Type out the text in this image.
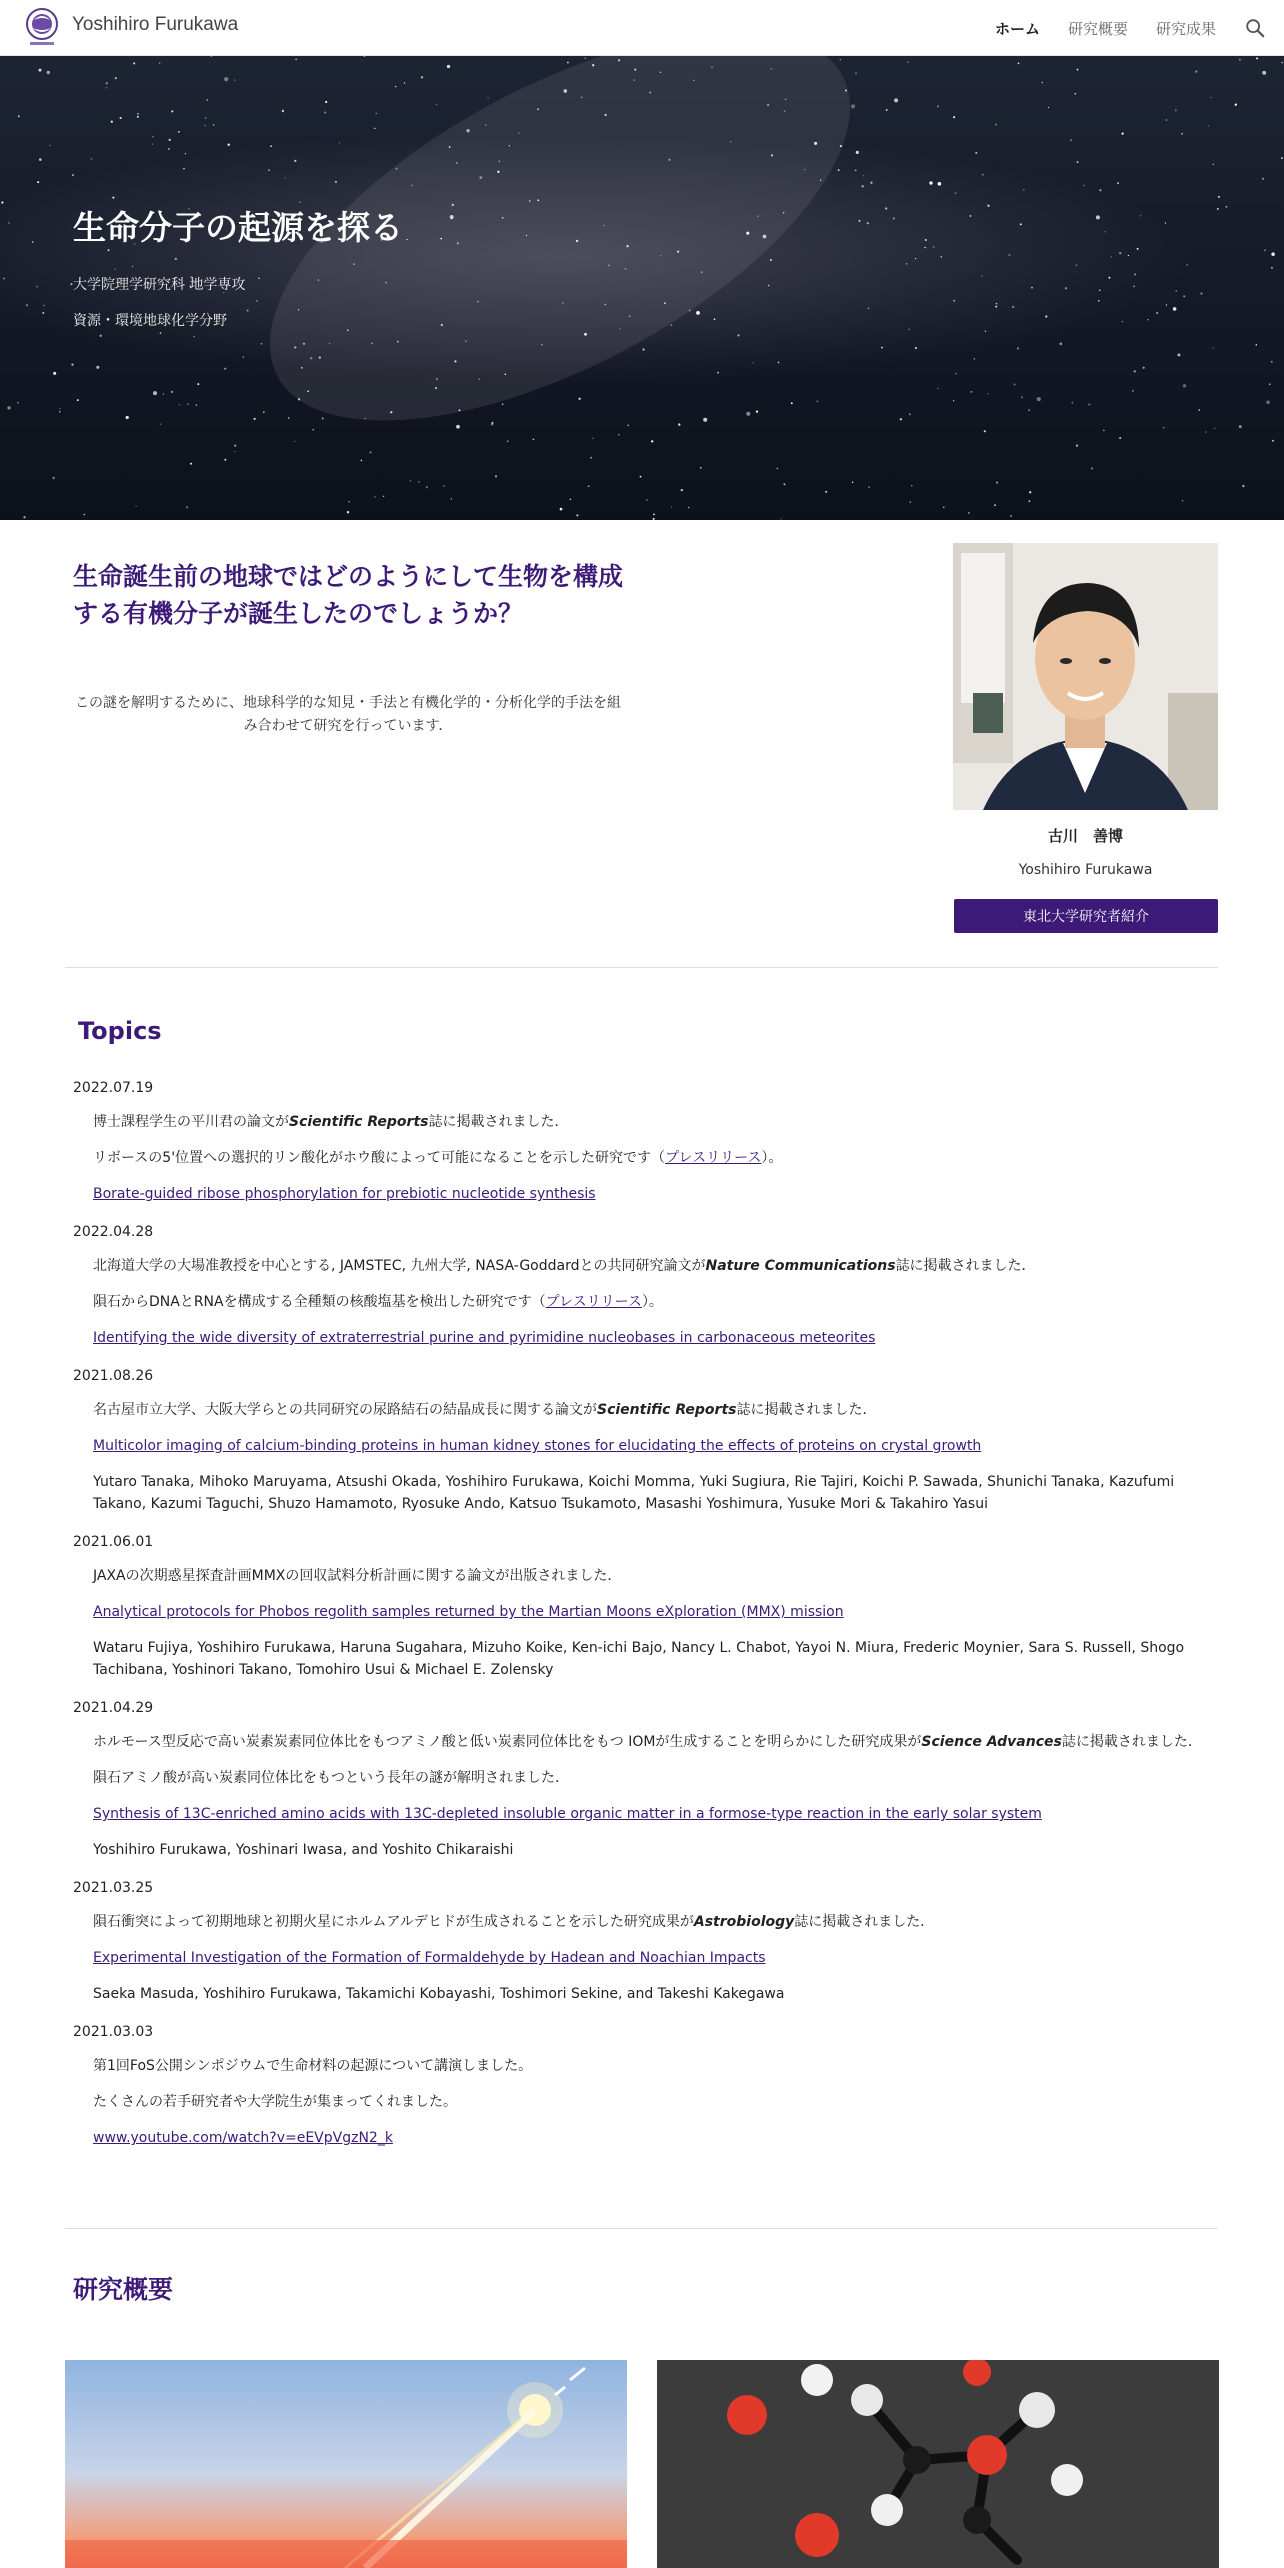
Yoshihiro Furukawa	ホーム 研究概要 研究成果
生命分子の起源を探る
大学院理学研究科 地学専攻
資源・環境地球化学分野
生命誕生前の地球ではどのようにして生物を構成する有機分子が誕生したのでしょうか？
この謎を解明するために、地球科学的な知見・手法と有機化学的・分析化学的手法を組み合わせて研究を行っています．
古川　善博
Yoshihiro Furukawa
東北大学研究者紹介
Topics
2022.07.19
博士課程学生の平川君の論文がScientific Reports誌に掲載されました．
リボースの5'位置への選択的リン酸化がホウ酸によって可能になることを示した研究です（プレスリリース）。
Borate-guided ribose phosphorylation for prebiotic nucleotide synthesis
2022.04.28
北海道大学の大場准教授を中心とする, JAMSTEC, 九州大学, NASA-Goddardとの共同研究論文がNature Communications誌に掲載されました．
隕石からDNAとRNAを構成する全種類の核酸塩基を検出した研究です（プレスリリース）。
Identifying the wide diversity of extraterrestrial purine and pyrimidine nucleobases in carbonaceous meteorites
2021.08.26
名古屋市立大学、大阪大学らとの共同研究の尿路結石の結晶成長に関する論文がScientific Reports誌に掲載されました．
Multicolor imaging of calcium-binding proteins in human kidney stones for elucidating the effects of proteins on crystal growth
Yutaro Tanaka, Mihoko Maruyama, Atsushi Okada, Yoshihiro Furukawa, Koichi Momma, Yuki Sugiura, Rie Tajiri, Koichi P. Sawada, Shunichi Tanaka, Kazufumi Takano, Kazumi Taguchi, Shuzo Hamamoto, Ryosuke Ando, Katsuo Tsukamoto, Masashi Yoshimura, Yusuke Mori & Takahiro Yasui
2021.06.01
JAXAの次期惑星探査計画MMXの回収試料分析計画に関する論文が出版されました．
Analytical protocols for Phobos regolith samples returned by the Martian Moons eXploration (MMX) mission
Wataru Fujiya, Yoshihiro Furukawa, Haruna Sugahara, Mizuho Koike, Ken-ichi Bajo, Nancy L. Chabot, Yayoi N. Miura, Frederic Moynier, Sara S. Russell, Shogo Tachibana, Yoshinori Takano, Tomohiro Usui & Michael E. Zolensky
2021.04.29
ホルモース型反応で高い炭素炭素同位体比をもつアミノ酸と低い炭素同位体比をもつ IOMが生成することを明らかにした研究成果がScience Advances誌に掲載されました．
隕石アミノ酸が高い炭素同位体比をもつという長年の謎が解明されました．
Synthesis of 13C-enriched amino acids with 13C-depleted insoluble organic matter in a formose-type reaction in the early solar system
Yoshihiro Furukawa, Yoshinari Iwasa, and Yoshito Chikaraishi
2021.03.25
隕石衝突によって初期地球と初期火星にホルムアルデヒドが生成されることを示した研究成果がAstrobiology誌に掲載されました．
Experimental Investigation of the Formation of Formaldehyde by Hadean and Noachian Impacts
Saeka Masuda, Yoshihiro Furukawa, Takamichi Kobayashi, Toshimori Sekine, and Takeshi Kakegawa
2021.03.03
第1回FoS公開シンポジウムで生命材料の起源について講演しました。
たくさんの若手研究者や大学院生が集まってくれました。
www.youtube.com/watch?v=eEVpVgzN2_k
研究概要
